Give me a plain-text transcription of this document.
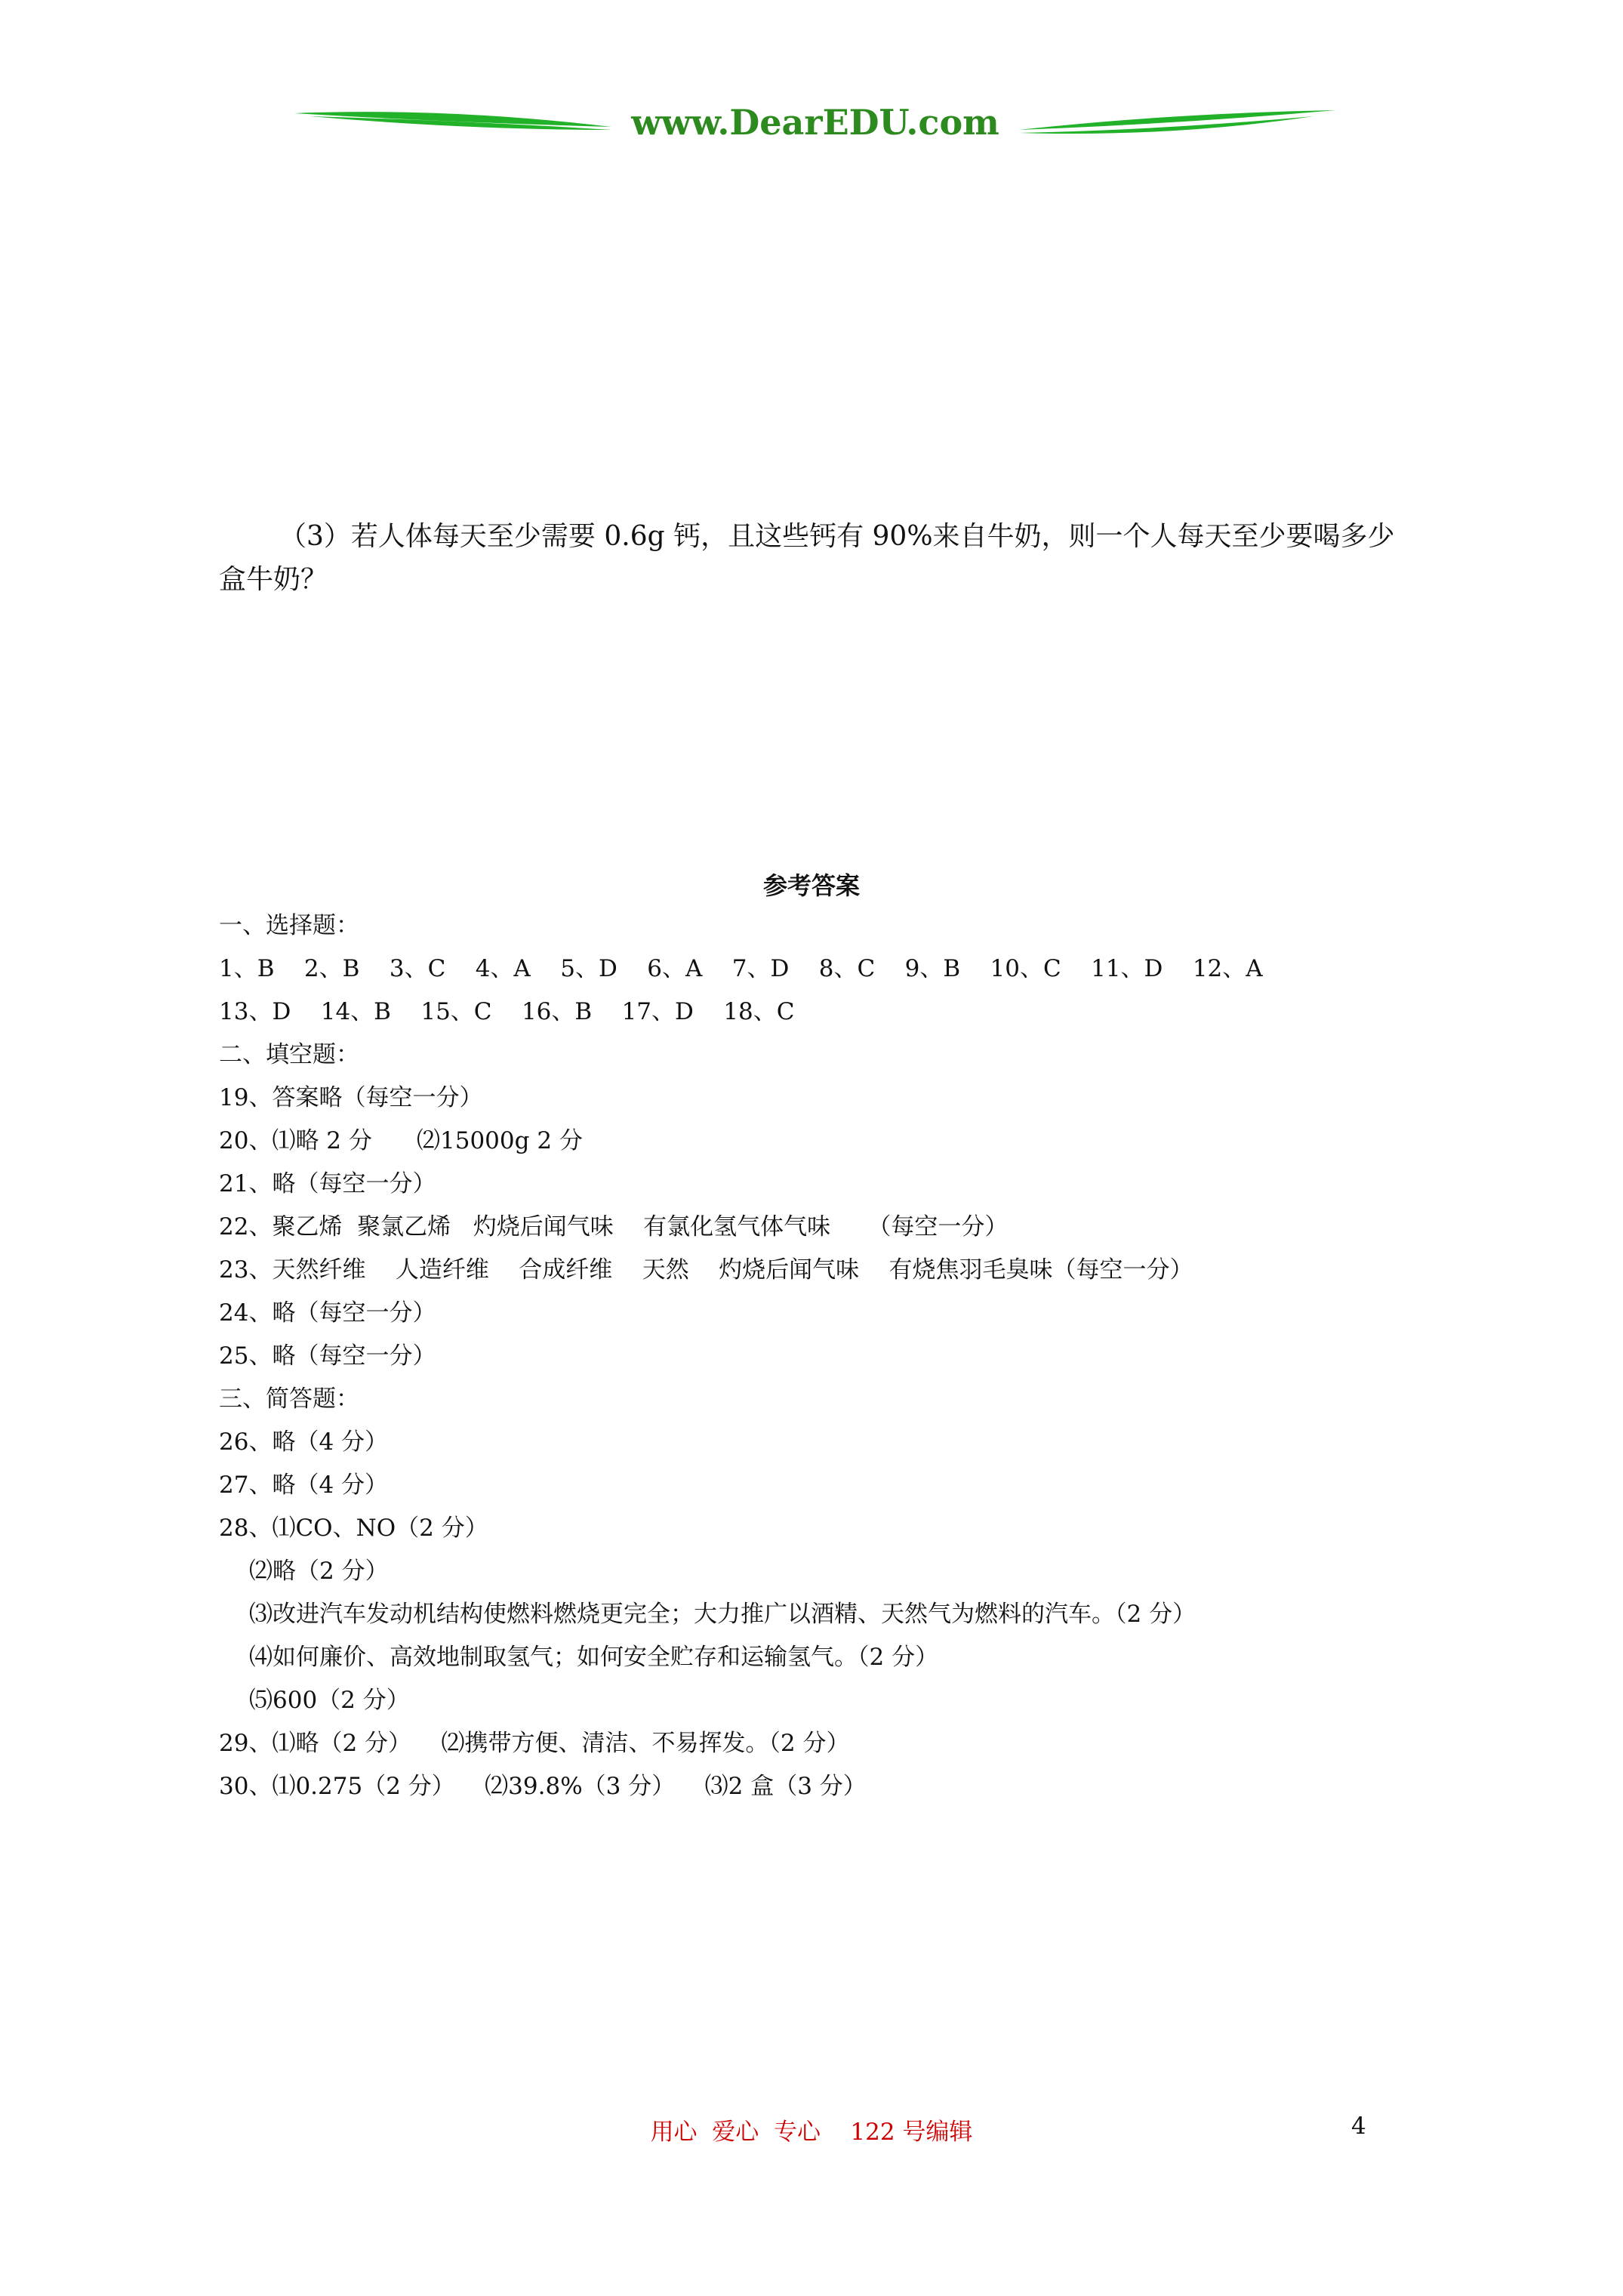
www.DearEDU.com

（3）若人体每天至少需要 0.6g 钙，且这些钙有 90%来自牛奶，则一个人每天至少要喝多少盒牛奶？

参考答案
一、选择题：
1、B    2、B    3、C    4、A    5、D    6、A    7、D    8、C    9、B    10、C    11、D    12、A
13、D    14、B    15、C    16、B    17、D    18、C
二、填空题：
19、答案略（每空一分）
20、⑴略 2 分      ⑵15000g 2 分
21、略（每空一分）
22、聚乙烯  聚氯乙烯   灼烧后闻气味    有氯化氢气体气味     （每空一分）
23、天然纤维    人造纤维    合成纤维    天然    灼烧后闻气味    有烧焦羽毛臭味（每空一分）
24、略（每空一分）
25、略（每空一分）
三、简答题：
26、略（4 分）
27、略（4 分）
28、⑴CO、NO（2 分）
⑵略（2 分）
⑶改进汽车发动机结构使燃料燃烧更完全；大力推广以酒精、天然气为燃料的汽车。（2 分）
⑷如何廉价、高效地制取氢气；如何安全贮存和运输氢气。（2 分）
⑸600（2 分）
29、⑴略（2 分）    ⑵携带方便、清洁、不易挥发。（2 分）
30、⑴0.275（2 分）    ⑵39.8%（3 分）    ⑶2 盒（3 分）

用心  爱心  专心    122 号编辑	4
